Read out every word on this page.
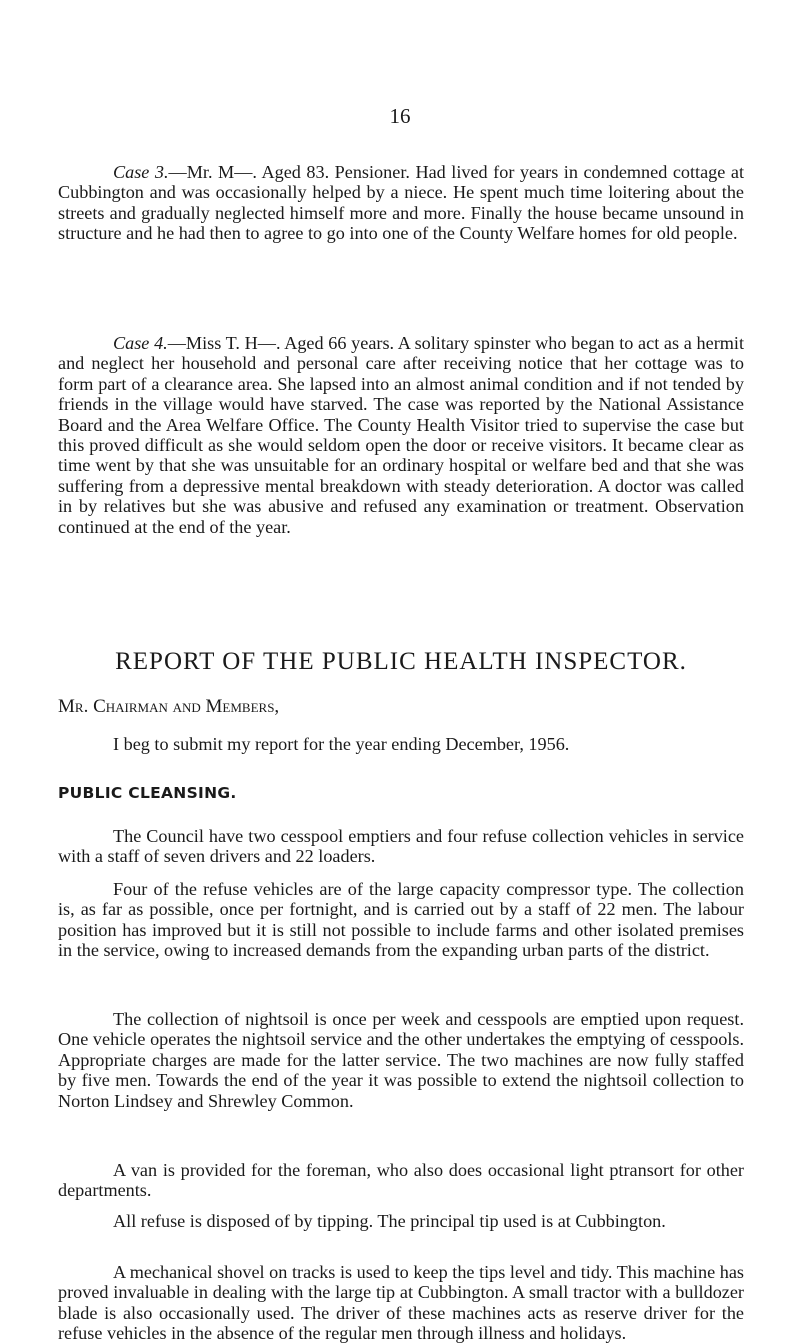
16

Case 3.—Mr. M—. Aged 83. Pensioner. Had lived for years in condemned cottage at Cubbington and was occasionally helped by a niece. He spent much time loitering about the streets and gradually neglected himself more and more. Finally the house became unsound in structure and he had then to agree to go into one of the County Welfare homes for old people.

Case 4.—Miss T. H—. Aged 66 years. A solitary spinster who began to act as a hermit and neglect her household and personal care after receiving notice that her cottage was to form part of a clearance area. She lapsed into an almost animal condition and if not tended by friends in the village would have starved. The case was reported by the National Assistance Board and the Area Welfare Office. The County Health Visitor tried to supervise the case but this proved difficult as she would seldom open the door or receive visitors. It became clear as time went by that she was unsuitable for an ordinary hospital or welfare bed and that she was suffering from a depressive mental breakdown with steady deterioration. A doctor was called in by relatives but she was abusive and refused any examination or treatment. Observation continued at the end of the year.

REPORT OF THE PUBLIC HEALTH INSPECTOR.
Mr. Chairman and Members,

I beg to submit my report for the year ending December, 1956.

PUBLIC CLEANSING.

The Council have two cesspool emptiers and four refuse collection vehicles in service with a staff of seven drivers and 22 loaders.

Four of the refuse vehicles are of the large capacity compressor type. The collection is, as far as possible, once per fortnight, and is carried out by a staff of 22 men. The labour position has improved but it is still not possible to include farms and other isolated premises in the service, owing to increased demands from the expanding urban parts of the district.

The collection of nightsoil is once per week and cesspools are emptied upon request. One vehicle operates the nightsoil service and the other undertakes the emptying of cesspools. Appropriate charges are made for the latter service. The two machines are now fully staffed by five men. Towards the end of the year it was possible to extend the nightsoil collection to Norton Lindsey and Shrewley Common.

A van is provided for the foreman, who also does occasional light ptransort for other departments.

All refuse is disposed of by tipping. The principal tip used is at Cubbington.

A mechanical shovel on tracks is used to keep the tips level and tidy. This machine has proved invaluable in dealing with the large tip at Cubbington. A small tractor with a bulldozer blade is also occasionally used. The driver of these machines acts as reserve driver for the refuse vehicles in the absence of the regular men through illness and holidays.
